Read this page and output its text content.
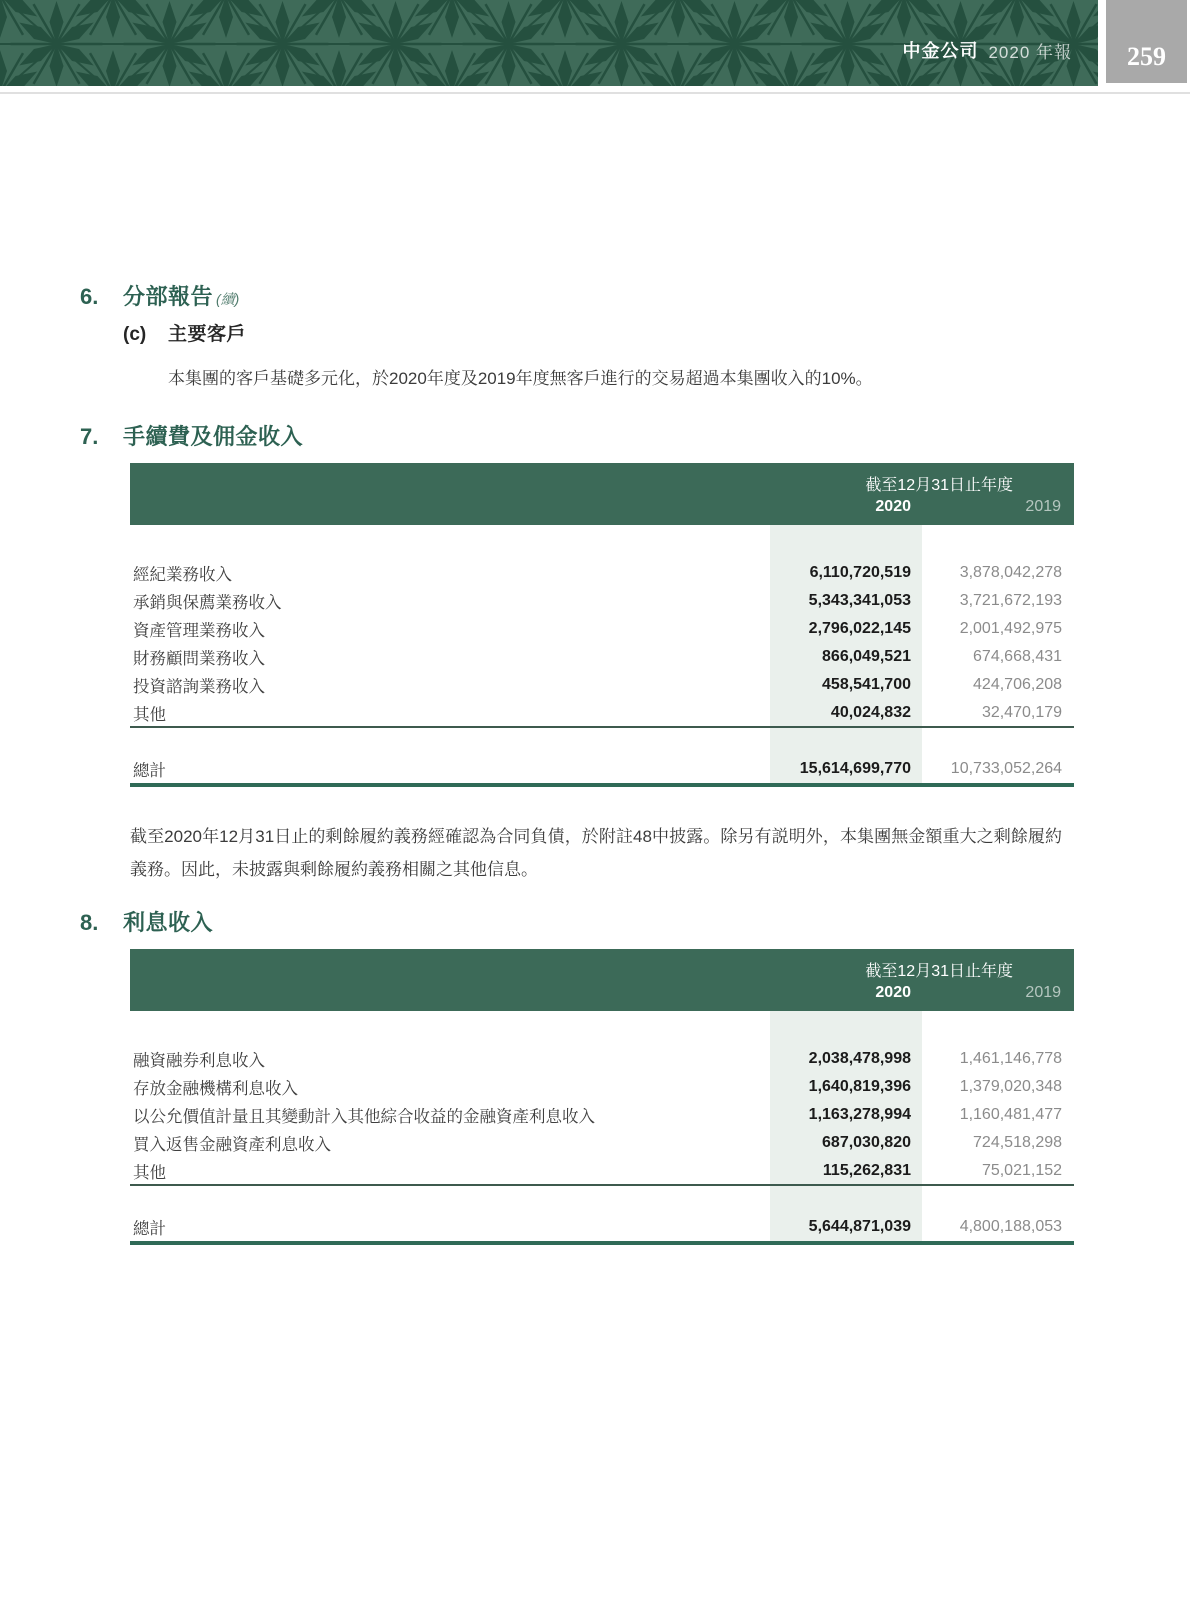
中金公司 2020 年報 259
6.	分部報告 (續)
(c)	主要客戶
本集團的客戶基礎多元化，於2020年度及2019年度無客戶進行的交易超過本集團收入的10%。
7.	手續費及佣金收入
截至12月31日止年度		
	2020	2019

經紀業務收入	6,110,720,519	3,878,042,278
承銷與保薦業務收入	5,343,341,053	3,721,672,193
資產管理業務收入	2,796,022,145	2,001,492,975
財務顧問業務收入	866,049,521	674,668,431
投資諮詢業務收入	458,541,700	424,706,208
其他	40,024,832	32,470,179

總計	15,614,699,770	10,733,052,264
截至2020年12月31日止的剩餘履約義務經確認為合同負債，於附註48中披露。除另有説明外，本集團無金額重大之剩餘履約義務。因此，未披露與剩餘履約義務相關之其他信息。
8.	利息收入
截至12月31日止年度		
	2020	2019

融資融券利息收入	2,038,478,998	1,461,146,778
存放金融機構利息收入	1,640,819,396	1,379,020,348
以公允價值計量且其變動計入其他綜合收益的金融資產利息收入	1,163,278,994	1,160,481,477
買入返售金融資產利息收入	687,030,820	724,518,298
其他	115,262,831	75,021,152

總計	5,644,871,039	4,800,188,053
